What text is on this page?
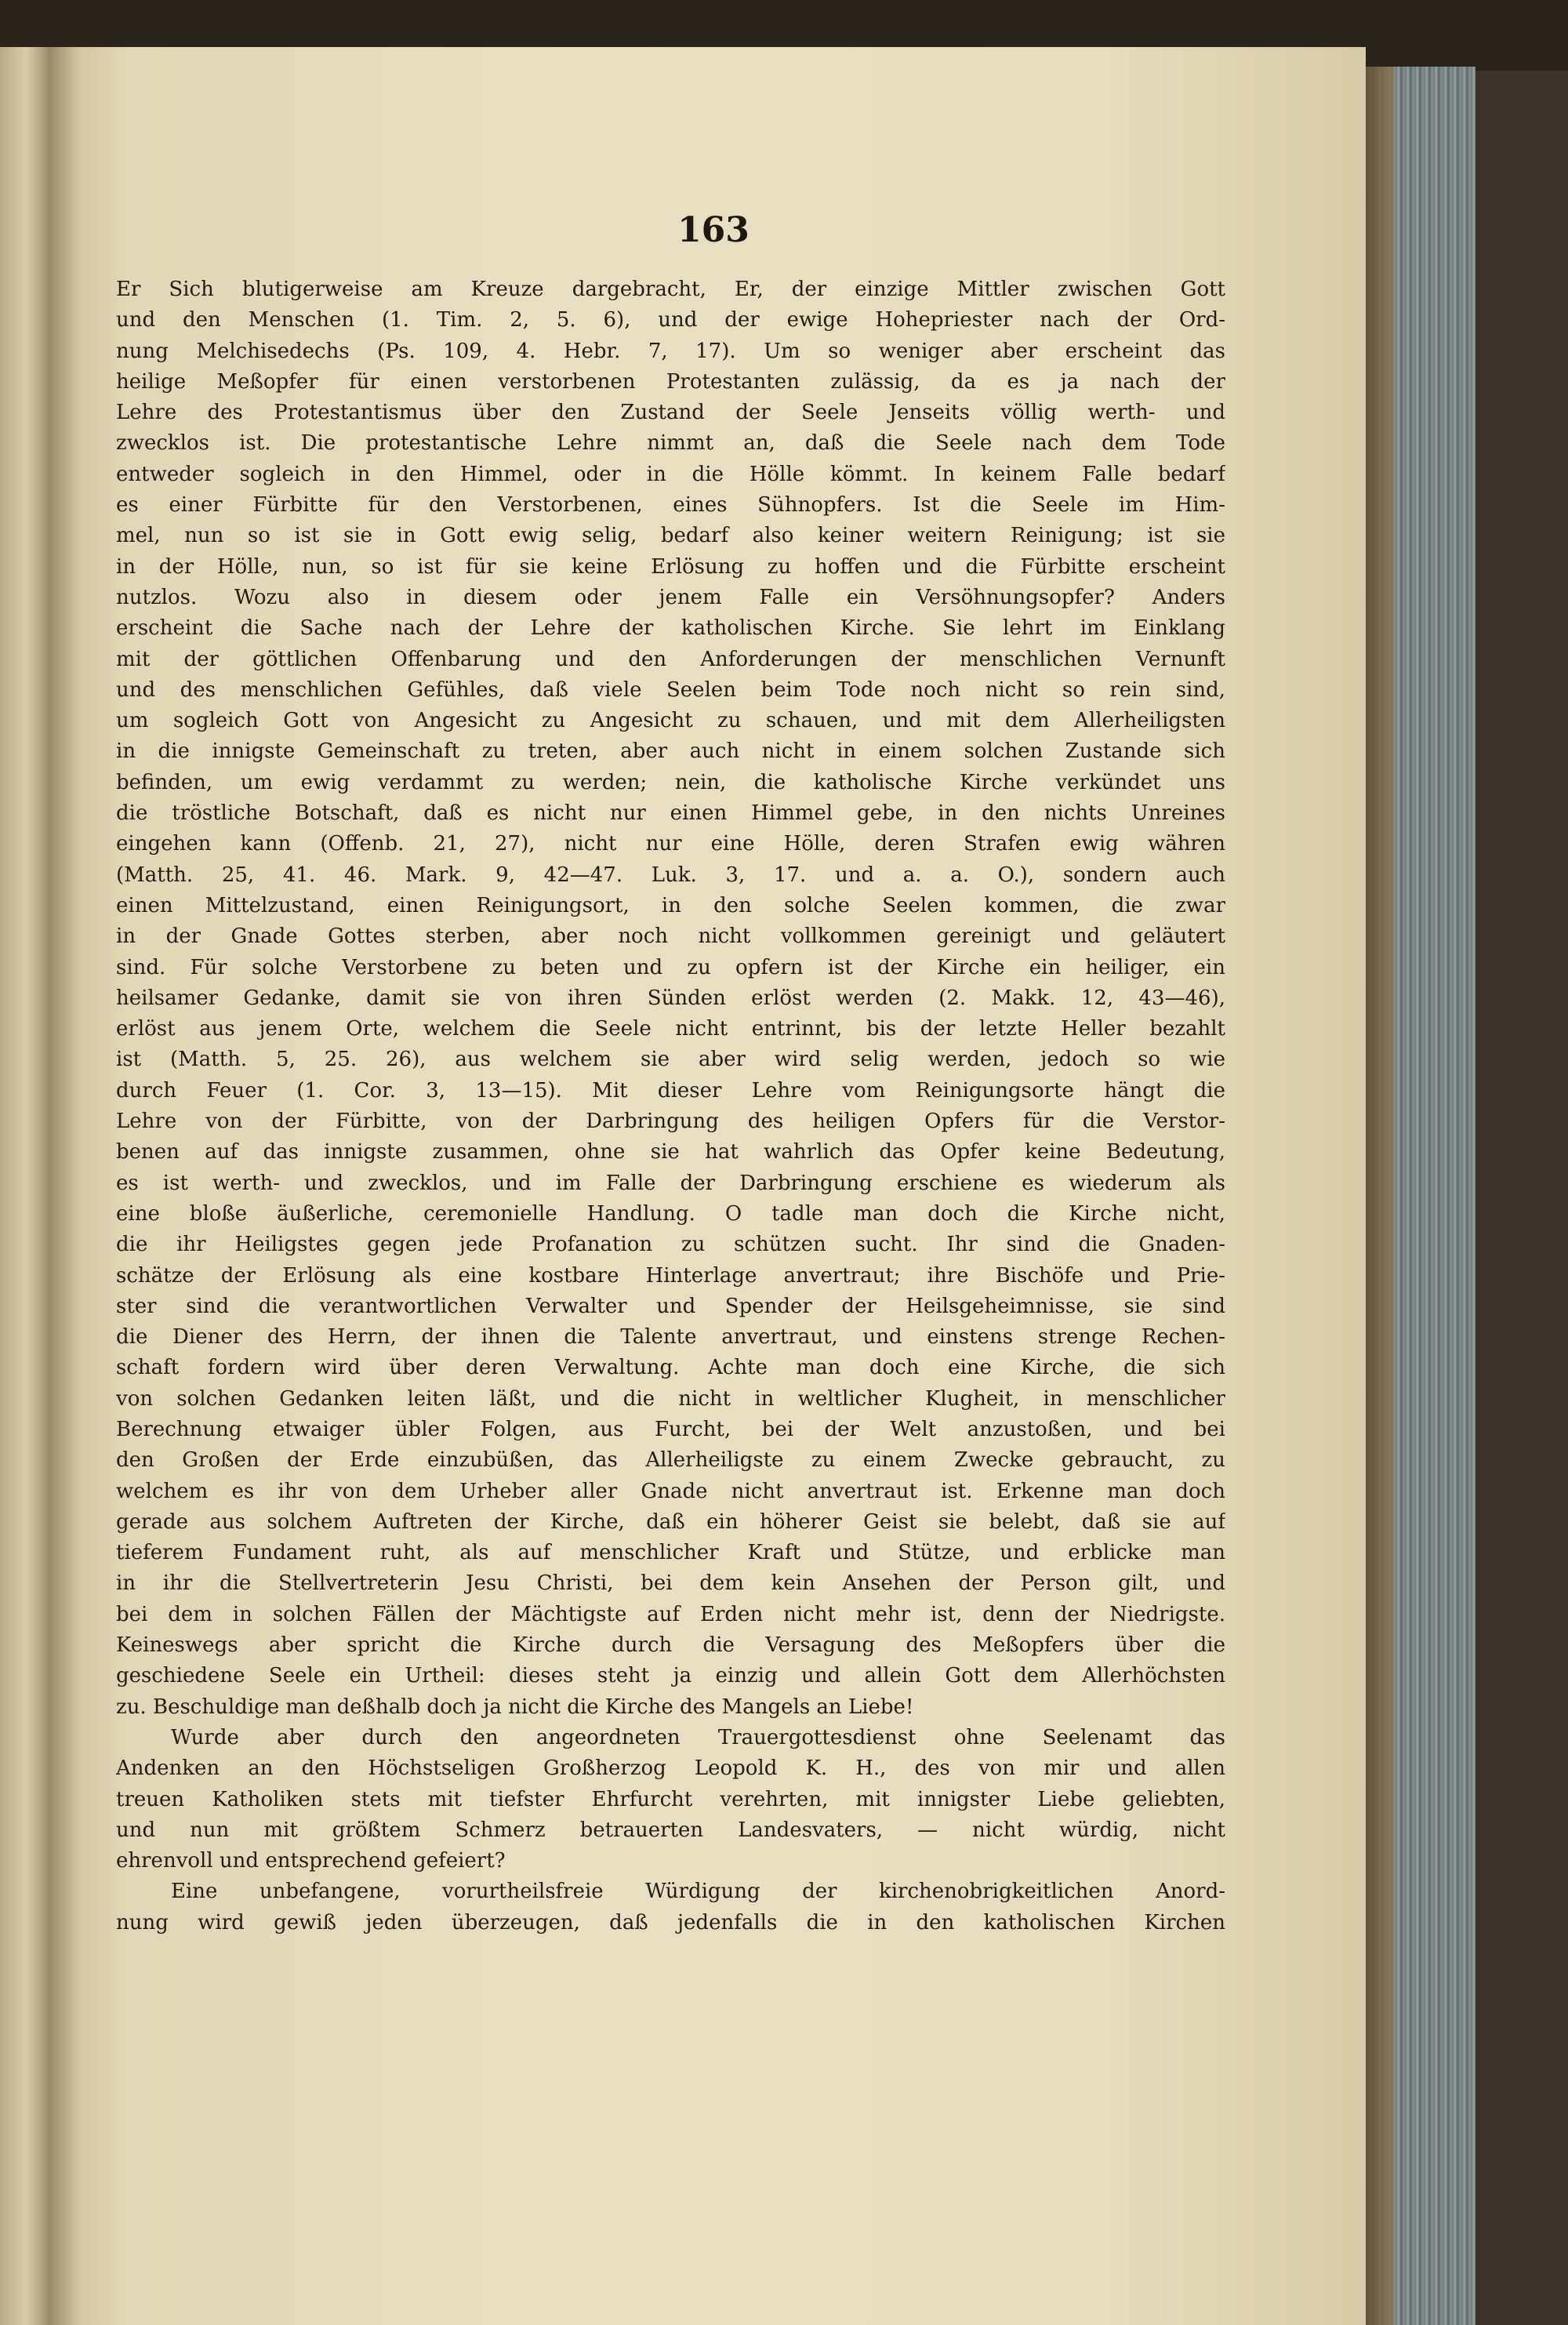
163
Er Sich blutigerweise am Kreuze dargebracht, Er, der einzige Mittler zwischen Gott
und den Menschen (1. Tim. 2, 5. 6), und der ewige Hohepriester nach der Ord-
nung Melchisedechs (Ps. 109, 4. Hebr. 7, 17). Um so weniger aber erscheint das
heilige Meßopfer für einen verstorbenen Protestanten zulässig, da es ja nach der
Lehre des Protestantismus über den Zustand der Seele Jenseits völlig werth- und
zwecklos ist. Die protestantische Lehre nimmt an, daß die Seele nach dem Tode
entweder sogleich in den Himmel, oder in die Hölle kömmt. In keinem Falle bedarf
es einer Fürbitte für den Verstorbenen, eines Sühnopfers. Ist die Seele im Him-
mel, nun so ist sie in Gott ewig selig, bedarf also keiner weitern Reinigung; ist sie
in der Hölle, nun, so ist für sie keine Erlösung zu hoffen und die Fürbitte erscheint
nutzlos. Wozu also in diesem oder jenem Falle ein Versöhnungsopfer? Anders
erscheint die Sache nach der Lehre der katholischen Kirche. Sie lehrt im Einklang
mit der göttlichen Offenbarung und den Anforderungen der menschlichen Vernunft
und des menschlichen Gefühles, daß viele Seelen beim Tode noch nicht so rein sind,
um sogleich Gott von Angesicht zu Angesicht zu schauen, und mit dem Allerheiligsten
in die innigste Gemeinschaft zu treten, aber auch nicht in einem solchen Zustande sich
befinden, um ewig verdammt zu werden; nein, die katholische Kirche verkündet uns
die tröstliche Botschaft, daß es nicht nur einen Himmel gebe, in den nichts Unreines
eingehen kann (Offenb. 21, 27), nicht nur eine Hölle, deren Strafen ewig währen
(Matth. 25, 41. 46. Mark. 9, 42—47. Luk. 3, 17. und a. a. O.), sondern auch
einen Mittelzustand, einen Reinigungsort, in den solche Seelen kommen, die zwar
in der Gnade Gottes sterben, aber noch nicht vollkommen gereinigt und geläutert
sind. Für solche Verstorbene zu beten und zu opfern ist der Kirche ein heiliger, ein
heilsamer Gedanke, damit sie von ihren Sünden erlöst werden (2. Makk. 12, 43—46),
erlöst aus jenem Orte, welchem die Seele nicht entrinnt, bis der letzte Heller bezahlt
ist (Matth. 5, 25. 26), aus welchem sie aber wird selig werden, jedoch so wie
durch Feuer (1. Cor. 3, 13—15). Mit dieser Lehre vom Reinigungsorte hängt die
Lehre von der Fürbitte, von der Darbringung des heiligen Opfers für die Verstor-
benen auf das innigste zusammen, ohne sie hat wahrlich das Opfer keine Bedeutung,
es ist werth- und zwecklos, und im Falle der Darbringung erschiene es wiederum als
eine bloße äußerliche, ceremonielle Handlung. O tadle man doch die Kirche nicht,
die ihr Heiligstes gegen jede Profanation zu schützen sucht. Ihr sind die Gnaden-
schätze der Erlösung als eine kostbare Hinterlage anvertraut; ihre Bischöfe und Prie-
ster sind die verantwortlichen Verwalter und Spender der Heilsgeheimnisse, sie sind
die Diener des Herrn, der ihnen die Talente anvertraut, und einstens strenge Rechen-
schaft fordern wird über deren Verwaltung. Achte man doch eine Kirche, die sich
von solchen Gedanken leiten läßt, und die nicht in weltlicher Klugheit, in menschlicher
Berechnung etwaiger übler Folgen, aus Furcht, bei der Welt anzustoßen, und bei
den Großen der Erde einzubüßen, das Allerheiligste zu einem Zwecke gebraucht, zu
welchem es ihr von dem Urheber aller Gnade nicht anvertraut ist. Erkenne man doch
gerade aus solchem Auftreten der Kirche, daß ein höherer Geist sie belebt, daß sie auf
tieferem Fundament ruht, als auf menschlicher Kraft und Stütze, und erblicke man
in ihr die Stellvertreterin Jesu Christi, bei dem kein Ansehen der Person gilt, und
bei dem in solchen Fällen der Mächtigste auf Erden nicht mehr ist, denn der Niedrigste.
Keineswegs aber spricht die Kirche durch die Versagung des Meßopfers über die
geschiedene Seele ein Urtheil: dieses steht ja einzig und allein Gott dem Allerhöchsten
zu. Beschuldige man deßhalb doch ja nicht die Kirche des Mangels an Liebe!
Wurde aber durch den angeordneten Trauergottesdienst ohne Seelenamt das
Andenken an den Höchstseligen Großherzog Leopold K. H., des von mir und allen
treuen Katholiken stets mit tiefster Ehrfurcht verehrten, mit innigster Liebe geliebten,
und nun mit größtem Schmerz betrauerten Landesvaters, — nicht würdig, nicht
ehrenvoll und entsprechend gefeiert?
Eine unbefangene, vorurtheilsfreie Würdigung der kirchenobrigkeitlichen Anord-
nung wird gewiß jeden überzeugen, daß jedenfalls die in den katholischen Kirchen
